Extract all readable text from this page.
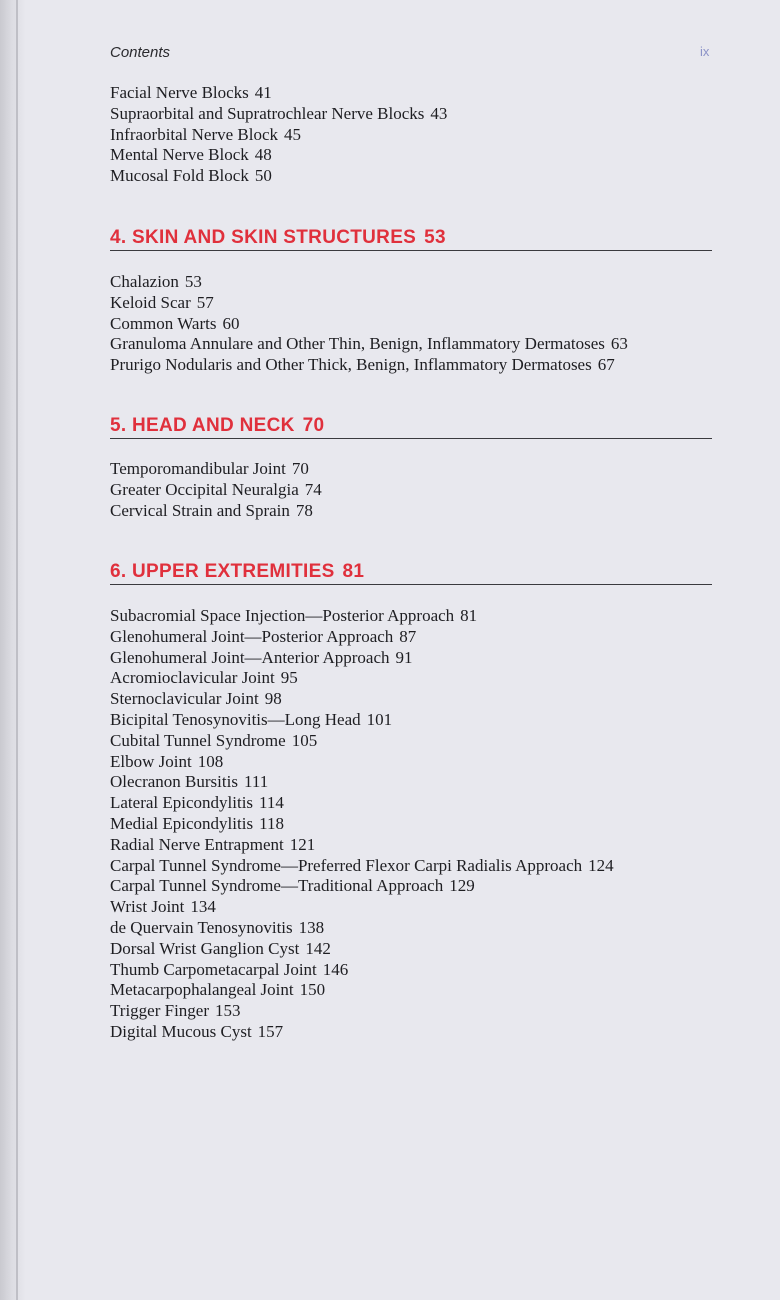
Contents	ix
Facial Nerve Blocks 41
Supraorbital and Supratrochlear Nerve Blocks 43
Infraorbital Nerve Block 45
Mental Nerve Block 48
Mucosal Fold Block 50
4. SKIN AND SKIN STRUCTURES 53
Chalazion 53
Keloid Scar 57
Common Warts 60
Granuloma Annulare and Other Thin, Benign, Inflammatory Dermatoses 63
Prurigo Nodularis and Other Thick, Benign, Inflammatory Dermatoses 67
5. HEAD AND NECK 70
Temporomandibular Joint 70
Greater Occipital Neuralgia 74
Cervical Strain and Sprain 78
6. UPPER EXTREMITIES 81
Subacromial Space Injection—Posterior Approach 81
Glenohumeral Joint—Posterior Approach 87
Glenohumeral Joint—Anterior Approach 91
Acromioclavicular Joint 95
Sternoclavicular Joint 98
Bicipital Tenosynovitis—Long Head 101
Cubital Tunnel Syndrome 105
Elbow Joint 108
Olecranon Bursitis 111
Lateral Epicondylitis 114
Medial Epicondylitis 118
Radial Nerve Entrapment 121
Carpal Tunnel Syndrome—Preferred Flexor Carpi Radialis Approach 124
Carpal Tunnel Syndrome—Traditional Approach 129
Wrist Joint 134
de Quervain Tenosynovitis 138
Dorsal Wrist Ganglion Cyst 142
Thumb Carpometacarpal Joint 146
Metacarpophalangeal Joint 150
Trigger Finger 153
Digital Mucous Cyst 157
